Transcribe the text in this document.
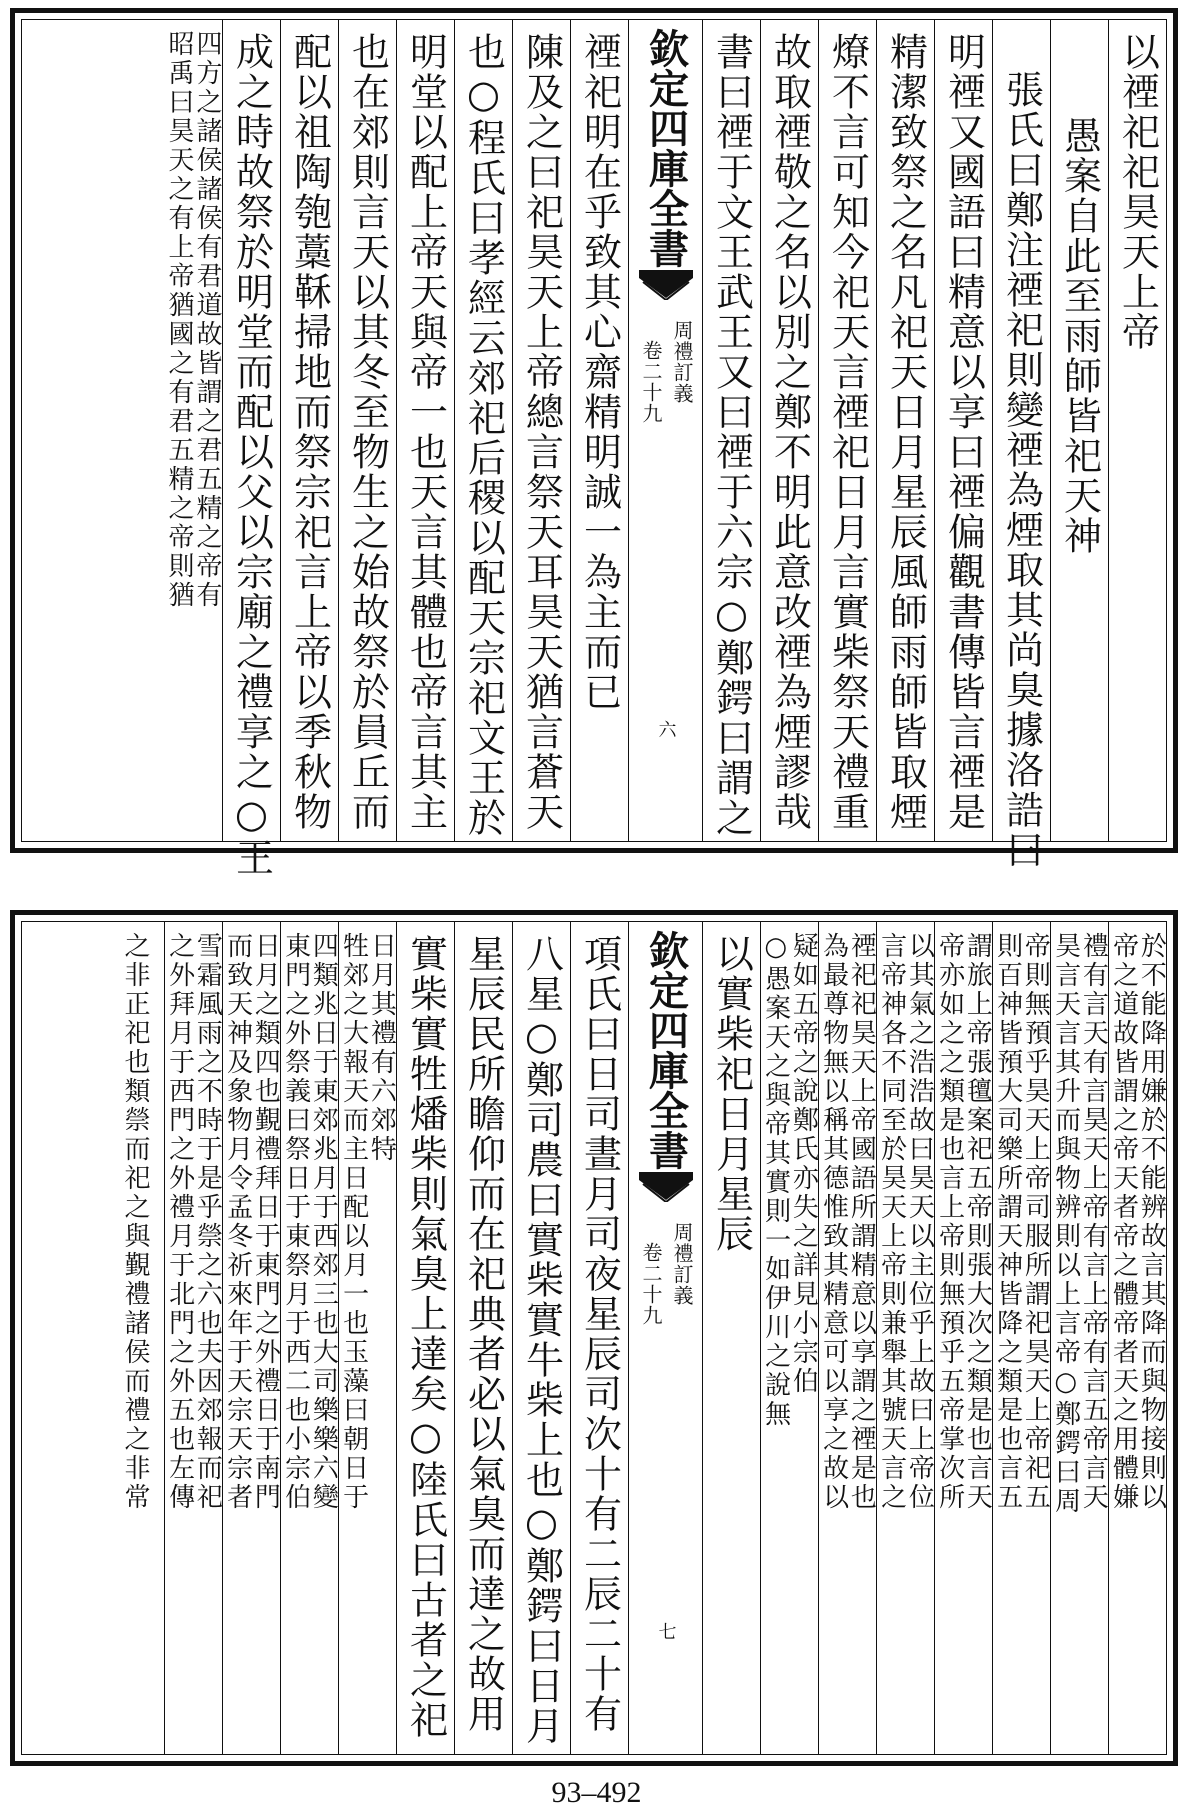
以禋祀祀昊天上帝
愚案自此至雨師皆祀天神
張氏曰鄭注禋祀則變禋為煙取其尚臭據洛誥曰
明禋又國語曰精意以享曰禋偏觀書傳皆言禋是
精潔致祭之名凡祀天日月星辰風師雨師皆取煙
燎不言可知今祀天言禋祀日月言實柴祭天禮重
故取禋敬之名以別之鄭不明此意改禋為煙謬哉
書曰禋于文王武王又曰禋于六宗○鄭鍔曰謂之
欽定四庫全書
周禮訂義
卷二十九
六
禋祀明在乎致其心齋精明誠一為主而已
陳及之曰祀昊天上帝總言祭天耳昊天猶言蒼天
也○程氏曰孝經云郊祀后稷以配天宗祀文王於
明堂以配上帝天與帝一也天言其體也帝言其主
也在郊則言天以其冬至物生之始故祭於員丘而
配以祖陶匏藁鞂掃地而祭宗祀言上帝以季秋物
成之時故祭於明堂而配以父以宗廟之禮享之○王
昭禹曰昊天之有上帝猶國之有君五精之帝則猶
四方之諸侯諸侯有君道故皆謂之君五精之帝有
帝之道故皆謂之帝天者帝之體帝者天之用體嫌
於不能降用嫌於不能辨故言其降而與物接則以
昊言天言其升而與物辨則以上言帝○鄭鍔曰周
禮有言天有言昊天上帝有言上帝有言五帝言天
則百神皆預大司樂所謂天神皆降之類是也言五
帝則無預乎昊天上帝司服所謂祀昊天上帝祀五
帝亦如之之類是也言上帝則無預乎五帝掌次所
謂旅上帝張氊案祀五帝則張大次之類是也言天
言帝神各不同至於昊天上帝則兼舉其號天言之
以其氣之浩浩故曰昊天以主位乎上故曰上帝位
為最尊物無以稱其德惟致其精意可以享之故以
禋祀祀昊天上帝國語所謂精意以享謂之禋是也
○愚案天之與帝其實則一如伊川之說無
疑如五帝之說鄭氏亦失之詳見小宗伯
以實柴祀日月星辰
欽定四庫全書
周禮訂義
卷二十九
七
項氏曰日司晝月司夜星辰司次十有二辰二十有
八星○鄭司農曰實柴實牛柴上也○鄭鍔曰日月
星辰民所瞻仰而在祀典者必以氣臭而達之故用
實柴實牲燔柴則氣臭上達矣○陸氏曰古者之祀
牲郊之大報天而主日配以月一也玉藻曰朝日于
日月其禮有六郊特
東門之外祭義曰祭日于東祭月于西二也小宗伯
四類兆日于東郊兆月于西郊三也大司樂樂六變
而致天神及象物月令孟冬祈來年于天宗天宗者
日月之類四也覲禮拜日于東門之外禮日于南門
之外拜月于西門之外禮月于北門之外五也左傳
雪霜風雨之不時于是乎禜之六也夫因郊報而祀
之非正祀也類禜而祀之與覲禮諸侯而禮之非常
93–492
